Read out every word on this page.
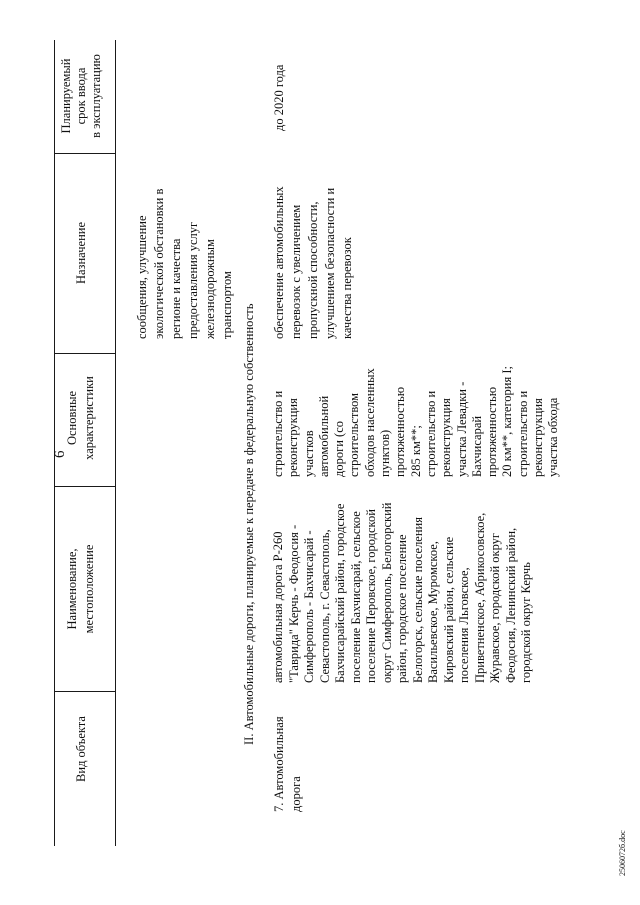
6
Вид объекта
Наименование, местоположение
Основные характеристики
Назначение
Планируемый срок ввода в эксплуатацию
сообщения, улучшение экологической обстановки в регионе и качества предоставления услуг железнодорожным транспортом II. Автомобильные дороги, планируемые к передаче в федеральную собственность
7. Автомобильная дорога
автомобильная дорога Р-260 "Таврида" Керчь - Феодосия - Симферополь - Бахчисарай - Севастополь, г. Севастополь, Бахчисарайский район, городское поселение Бахчисарай, сельское поселение Перовское, городской округ Симферополь, Белогорский район, городское поселение Белогорск, сельские поселения Васильевское, Муромское, Кировский район, сельские поселения Льговское, Приветненское, Абрикосовское, Журавское, городской округ Феодосия, Ленинский район, городской округ Керчь
строительство и реконструкция участков автомобильной дороги (со строительством обходов населенных пунктов) протяженностью 285 км**; строительство и реконструкция участка Левадки - Бахчисарай протяженностью 20 км**, категория I; строительство и реконструкция участка обхода
обеспечение автомобильных перевозок с увеличением пропускной способности, улучшением безопасности и качества перевозок
до 2020 года
2506072б.doc
